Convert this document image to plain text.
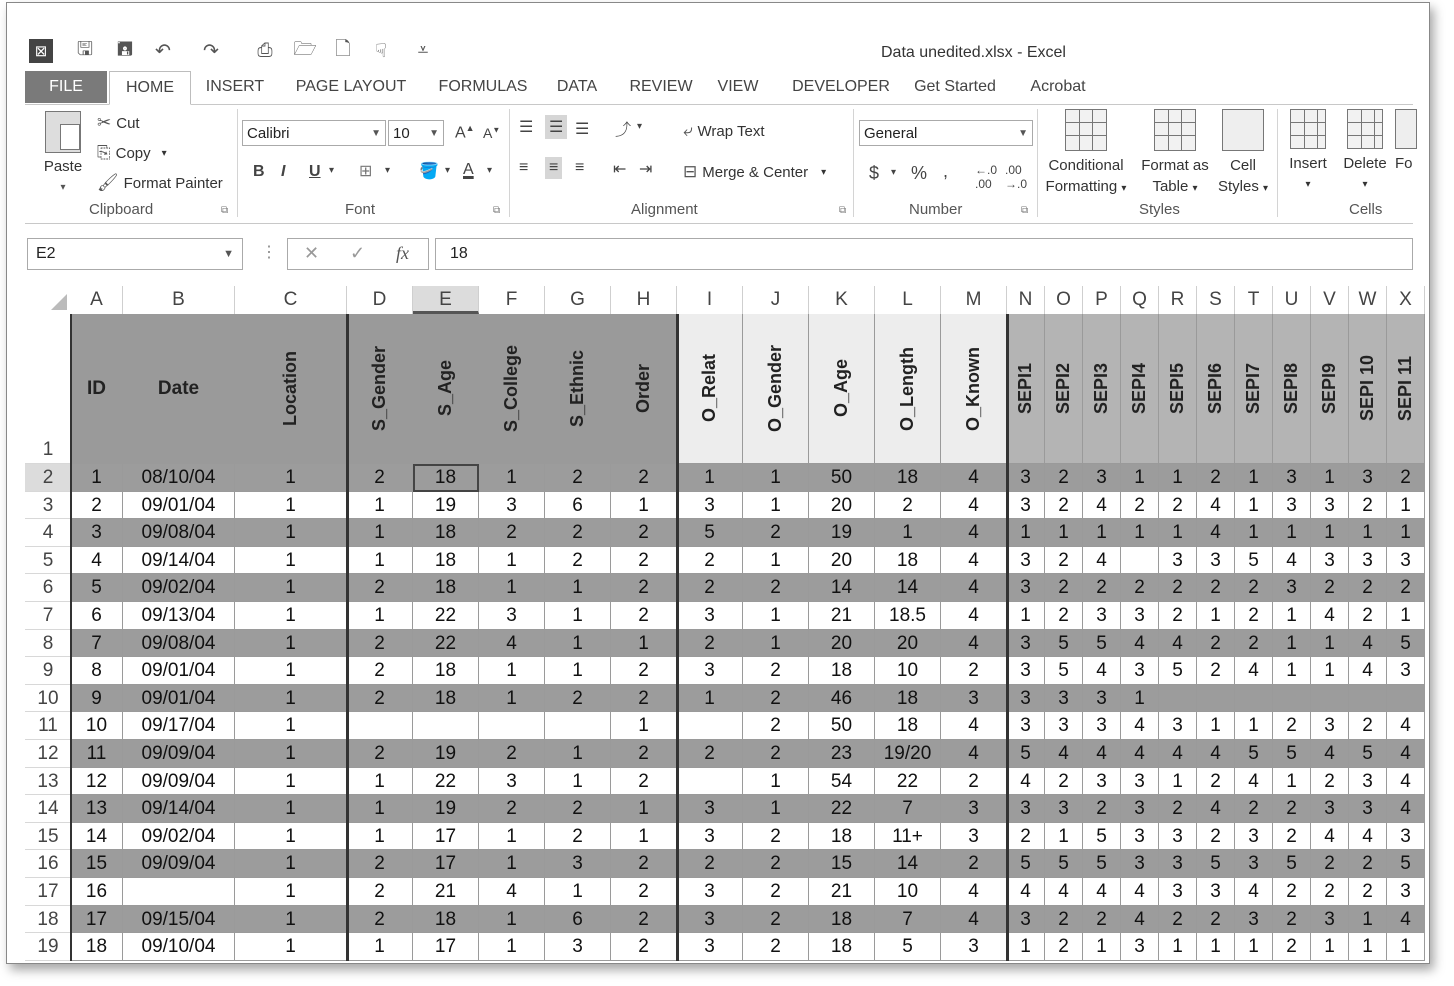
⊠	🖫 🖪 ↶ ↷ ⎙ 🗁 🗋	☟	⩡	Data unedited.xlsx - Excel
FILE	HOME	INSERT	PAGE LAYOUT	FORMULAS	DATA	REVIEW	VIEW DEVELOPER	Get Started	Acrobat
Paste
▾
✂ Cut
⎘ Copy ▾
🖌 Format Painter
Clipboard	⧉
Calibri	▼ 10 ▼ A▲ A▼
B I U ▾ ⊞ ▾ 🪣 ▾ A ▾
Font	⧉
☰ ☰ ☰ ⤴ ▾
≡ ≡ ≡ ⇤ ⇥
⤶ Wrap Text
⊟ Merge & Center ▾
Alignment	⧉
General	▼
$ ▾ % , ←.0
.00
.00
→.0
Number	⧉
Conditional
Formatting ▾
Format as
Table ▾
Cell
Styles ▾
Styles
Insert
▾
Delete
▾
Fo
Cells
E2	▼ ⋮ ✕ ✓ fx	18
A	B	C	D	E	F	G	H	I	J	K	L	M	N	O	P	Q	R	S	T	U	V	W	X
1
2
3
4
5
6
7
8
9
10
11
12
13
14
15
16
17
18
19
ID	Date	Location	S_Gender	S_Age	S_College	S_Ethnic	Order	O_Relat	O_Gender	O_Age	O_Length	O_Known SEPI1 SEPI2 SEPI3 SEPI4 SEPI5 SEPI6 SEPI7 SEPI8 SEPI9 SEPI 10 SEPI 11
1	08/10/04	1	2	18	1	2	2	1	1	50	18	4	3	2	3	1	1	2	1	3	1	3	2
2	09/01/04	1	1	19	3	6	1	3	1	20	2	4	3	2	4	2	2	4	1	3	3	2	1
3	09/08/04	1	1	18	2	2	2	5	2	19	1	4	1	1	1	1	1	4	1	1	1	1	1
4	09/14/04	1	1	18	1	2	2	2	1	20	18	4	3	2	4	3	3	5	4	3	3	3
5	09/02/04	1	2	18	1	1	2	2	2	14	14	4	3	2	2	2	2	2	2	3	2	2	2
6	09/13/04	1	1	22	3	1	2	3	1	21	18.5	4	1	2	3	3	2	1	2	1	4	2	1
7	09/08/04	1	2	22	4	1	1	2	1	20	20	4	3	5	5	4	4	2	2	1	1	4	5
8	09/01/04	1	2	18	1	1	2	3	2	18	10	2	3	5	4	3	5	2	4	1	1	4	3
9	09/01/04	1	2	18	1	2	2	1	2	46	18	3	3	3	3	1
10	09/17/04	1	1	2	50	18	4	3	3	3	4	3	1	1	2	3	2	4
11	09/09/04	1	2	19	2	1	2	2	2	23	19/20	4	5	4	4	4	4	4	5	5	4	5	4
12	09/09/04	1	1	22	3	1	2	1	54	22	2	4	2	3	3	1	2	4	1	2	3	4
13	09/14/04	1	1	19	2	2	1	3	1	22	7	3	3	3	2	3	2	4	2	2	3	3	4
14	09/02/04	1	1	17	1	2	1	3	2	18	11+	3	2	1	5	3	3	2	3	2	4	4	3
15	09/09/04	1	2	17	1	3	2	2	2	15	14	2	5	5	5	3	3	5	3	5	2	2	5
16	1	2	21	4	1	2	3	2	21	10	4	4	4	4	4	3	3	4	2	2	2	3
17	09/15/04	1	2	18	1	6	2	3	2	18	7	4	3	2	2	4	2	2	3	2	3	1	4
18	09/10/04	1	1	17	1	3	2	3	2	18	5	3	1	2	1	3	1	1	1	2	1	1	1
